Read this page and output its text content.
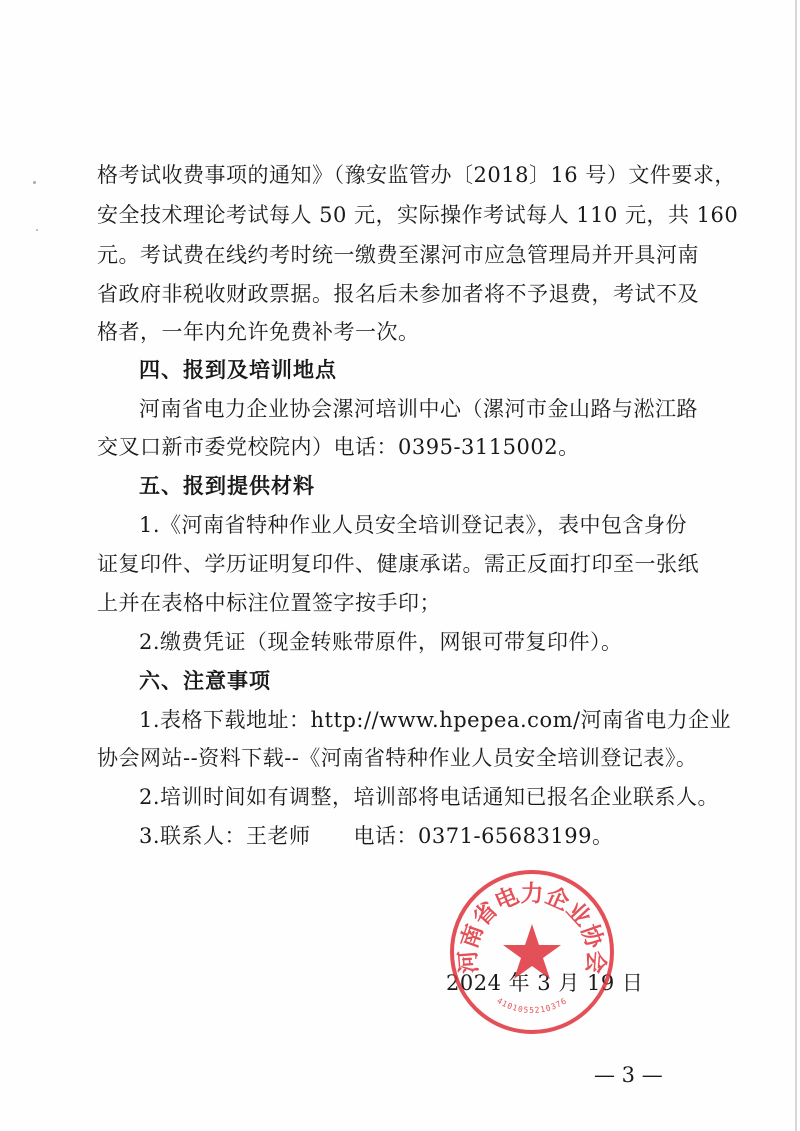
格考试收费事项的通知》（豫安监管办〔2018〕16 号）文件要求，
安全技术理论考试每人 50 元，实际操作考试每人 110 元，共 160
元。考试费在线约考时统一缴费至漯河市应急管理局并开具河南
省政府非税收财政票据。报名后未参加者将不予退费，考试不及
格者，一年内允许免费补考一次。
四、报到及培训地点
河南省电力企业协会漯河培训中心（漯河市金山路与淞江路
交叉口新市委党校院内）电话：0395-3115002。
五、报到提供材料
1.《河南省特种作业人员安全培训登记表》，表中包含身份
证复印件、学历证明复印件、健康承诺。需正反面打印至一张纸
上并在表格中标注位置签字按手印；
2.缴费凭证（现金转账带原件，网银可带复印件）。
六、注意事项
1.表格下载地址：http://www.hpepea.com/河南省电力企业
协会网站--资料下载--《河南省特种作业人员安全培训登记表》。
2.培训时间如有调整，培训部将电话通知已报名企业联系人。
3.联系人：王老师　　电话：0371-65683199。
2024 年 3 月 19 日
河南省电力企业协会
4101055210376
— 3 —
